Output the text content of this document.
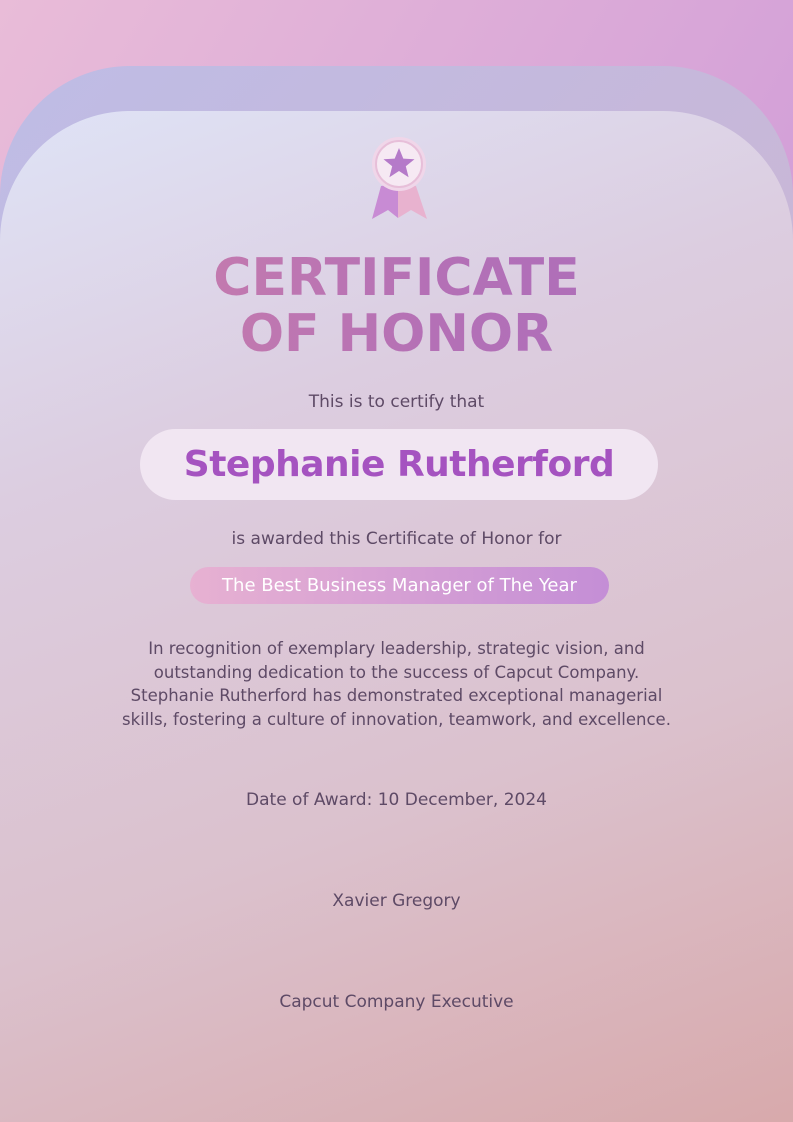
CERTIFICATE
OF HONOR
This is to certify that
Stephanie Rutherford
is awarded this Certificate of Honor for
The Best Business Manager of The Year
In recognition of exemplary leadership, strategic vision, and outstanding dedication to the success of Capcut Company. Stephanie Rutherford has demonstrated exceptional managerial skills, fostering a culture of innovation, teamwork, and excellence.
Date of Award: 10 December, 2024
Xavier Gregory
Capcut Company Executive
